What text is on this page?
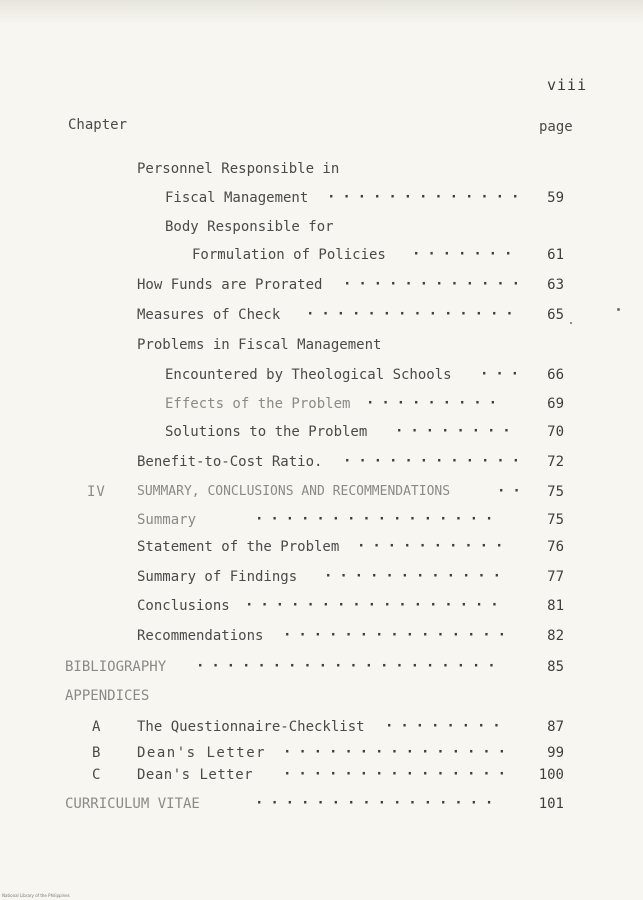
viii
Chapter	page
Personnel Responsible in
Fiscal Management ············· 59
Body Responsible for
Formulation of Policies ······· 61
How Funds are Prorated ············ 63
Measures of Check ·············· 65
Problems in Fiscal Management
Encountered by Theological Schools ··· 66
Effects of the Problem ·········	69
Solutions to the Problem ········ 70
Benefit-to-Cost Ratio. ············ 72
IV SUMMARY, CONCLUSIONS AND RECOMMENDATIONS	·· 75
Summary	················	75
Statement of the Problem ··········	76
Summary of Findings ············	77
Conclusions ·················	81
Recommendations ··············· 82
BIBLIOGRAPHY ····················	85
APPENDICES
A	The Questionnaire-Checklist ········	87
B	Dean's Letter ··············· 99
C	Dean's Letter ··············· 100
CURRICULUM VITAE	················	101
National Library of the Philippines
